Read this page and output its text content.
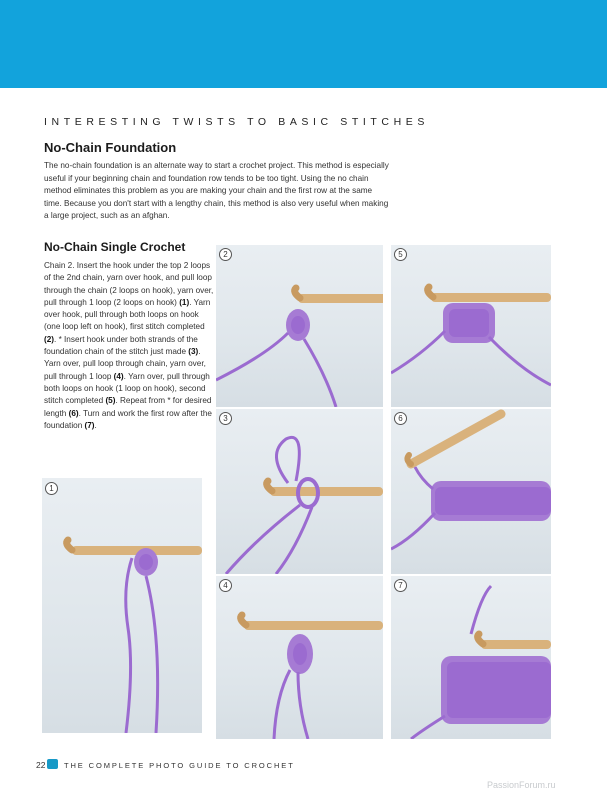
INTERESTING TWISTS TO BASIC STITCHES
No-Chain Foundation

The no-chain foundation is an alternate way to start a crochet project. This method is especially useful if your beginning chain and foundation row tends to be too tight. Using the no chain method eliminates this problem as you are making your chain and the first row at the same time. Because you don't start with a lengthy chain, this method is also very useful when making a large project, such as an afghan.

No-Chain Single Crochet

Chain 2. Insert the hook under the top 2 loops of the 2nd chain, yarn over hook, and pull loop through the chain (2 loops on hook), yarn over, pull through 1 loop (2 loops on hook) (1). Yarn over hook, pull through both loops on hook (one loop left on hook), first stitch completed (2). * Insert hook under both strands of the foundation chain of the stitch just made (3). Yarn over, pull loop through chain, yarn over, pull through 1 loop (4). Yarn over, pull through both loops on hook (1 loop on hook), second stitch completed (5). Repeat from * for desired length (6). Turn and work the first row after the foundation (7).

1
2
3
4
5
6
7
22 THE COMPLETE PHOTO GUIDE TO CROCHET
PassionForum.ru
